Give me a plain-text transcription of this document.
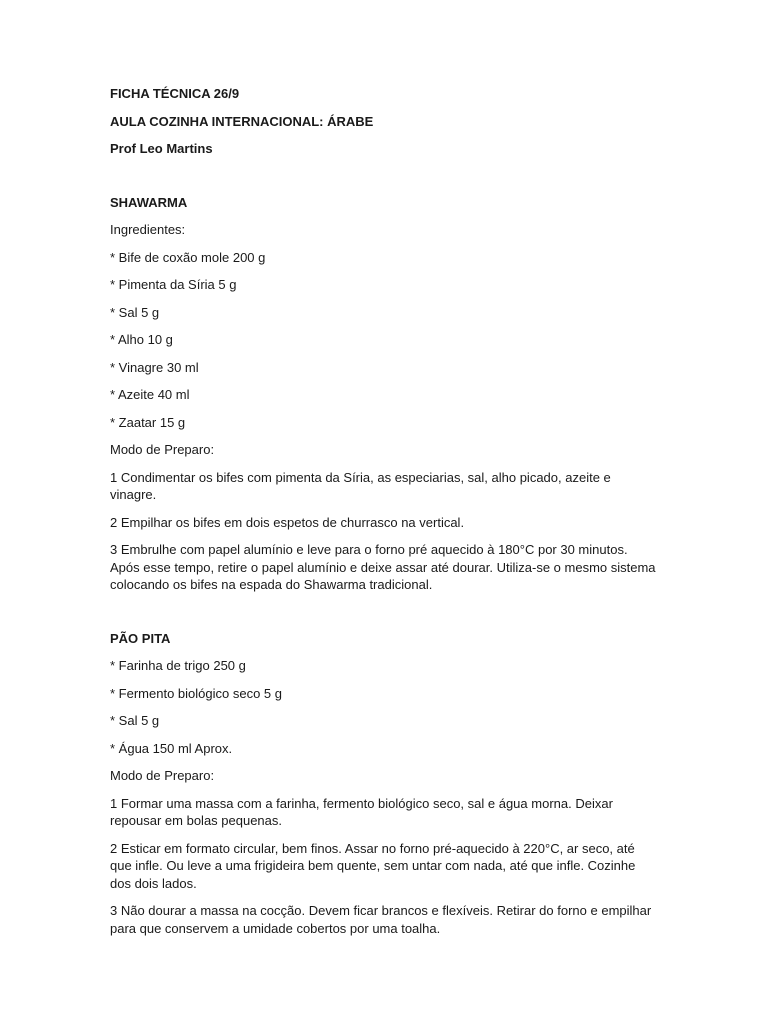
FICHA TÉCNICA 26/9

AULA COZINHA INTERNACIONAL: ÁRABE

Prof Leo Martins

SHAWARMA

Ingredientes:

* Bife de coxão mole 200 g

* Pimenta da Síria 5 g

* Sal 5 g

* Alho 10 g

* Vinagre 30 ml

* Azeite 40 ml

* Zaatar 15 g

Modo de Preparo:

1 Condimentar os bifes com pimenta da Síria, as especiarias, sal, alho picado, azeite e vinagre.

2 Empilhar os bifes em dois espetos de churrasco na vertical.

3 Embrulhe com papel alumínio e leve para o forno pré aquecido à 180°C por 30 minutos. Após esse tempo, retire o papel alumínio e deixe assar até dourar. Utiliza-se o mesmo sistema colocando os bifes na espada do Shawarma tradicional.

PÃO PITA

* Farinha de trigo 250 g

* Fermento biológico seco 5 g

* Sal 5 g

* Água 150 ml Aprox.

Modo de Preparo:

1 Formar uma massa com a farinha, fermento biológico seco, sal e água morna. Deixar repousar em bolas pequenas.

2 Esticar em formato circular, bem finos. Assar no forno pré-aquecido à 220°C, ar seco, até que infle. Ou leve a uma frigideira bem quente, sem untar com nada, até que infle. Cozinhe dos dois lados.

3 Não dourar a massa na cocção. Devem ficar brancos e flexíveis. Retirar do forno e empilhar para que conservem a umidade cobertos por uma toalha.
